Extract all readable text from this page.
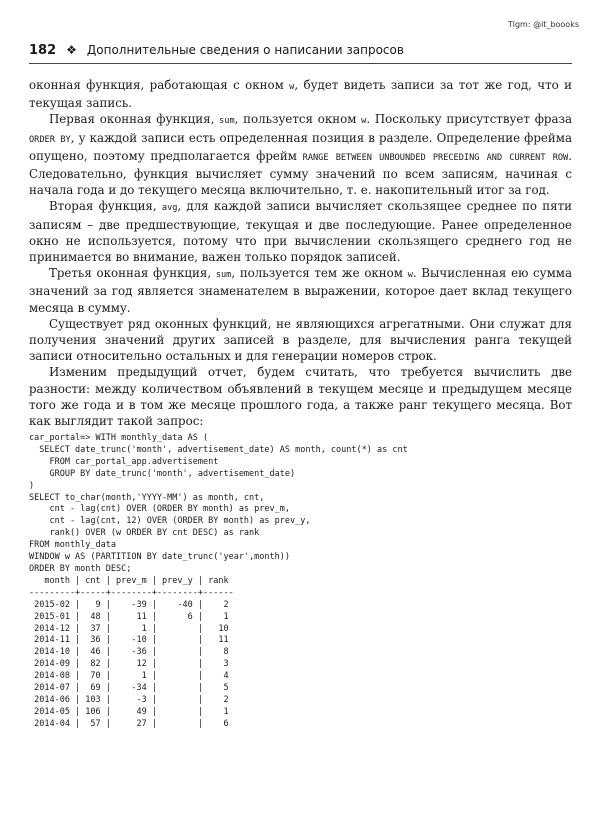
Tlgm: @it_boooks
182 ❖ Дополнительные сведения о написании запросов

оконная функция, работающая с окном w, будет видеть записи за тот же год, что и текущая запись.

Первая оконная функция, sum, пользуется окном w. Поскольку присутствует фраза ORDER BY, у каждой записи есть определенная позиция в разделе. Определение фрейма опущено, поэтому предполагается фрейм RANGE BETWEEN UNBOUNDED PRECEDING AND CURRENT ROW. Следовательно, функция вычисляет сумму значений по всем записям, начиная с начала года и до текущего месяца включительно, т. е. накопительный итог за год.

Вторая функция, avg, для каждой записи вычисляет скользящее среднее по пяти записям – две предшествующие, текущая и две последующие. Ранее определенное окно не используется, потому что при вычислении скользящего среднего год не принимается во внимание, важен только порядок записей.

Третья оконная функция, sum, пользуется тем же окном w. Вычисленная ею сумма значений за год является знаменателем в выражении, которое дает вклад текущего месяца в сумму.

Существует ряд оконных функций, не являющихся агрегатными. Они служат для получения значений других записей в разделе, для вычисления ранга текущей записи относительно остальных и для генерации номеров строк.

Изменим предыдущий отчет, будем считать, что требуется вычислить две разности: между количеством объявлений в текущем месяце и предыдущем месяце того же года и в том же месяце прошлого года, а также ранг текущего месяца. Вот как выглядит такой запрос:

car_portal=> WITH monthly_data AS (
SELECT date_trunc('month', advertisement_date) AS month, count(*) as cnt
FROM car_portal_app.advertisement
GROUP BY date_trunc('month', advertisement_date)
)
SELECT to_char(month,'YYYY-MM') as month, cnt,
cnt - lag(cnt) OVER (ORDER BY month) as prev_m,
cnt - lag(cnt, 12) OVER (ORDER BY month) as prev_y,
rank() OVER (w ORDER BY cnt DESC) as rank
FROM monthly_data
WINDOW w AS (PARTITION BY date_trunc('year',month))
ORDER BY month DESC;
month | cnt | prev_m | prev_y | rank
---------+-----+--------+--------+------
2015-02 |   9 |    -39 |    -40 |    2
2015-01 |  48 |     11 |      6 |    1
2014-12 |  37 |      1 |        |   10
2014-11 |  36 |    -10 |        |   11
2014-10 |  46 |    -36 |        |    8
2014-09 |  82 |     12 |        |    3
2014-08 |  70 |      1 |        |    4
2014-07 |  69 |    -34 |        |    5
2014-06 | 103 |     -3 |        |    2
2014-05 | 106 |     49 |        |    1
2014-04 |  57 |     27 |        |    6
